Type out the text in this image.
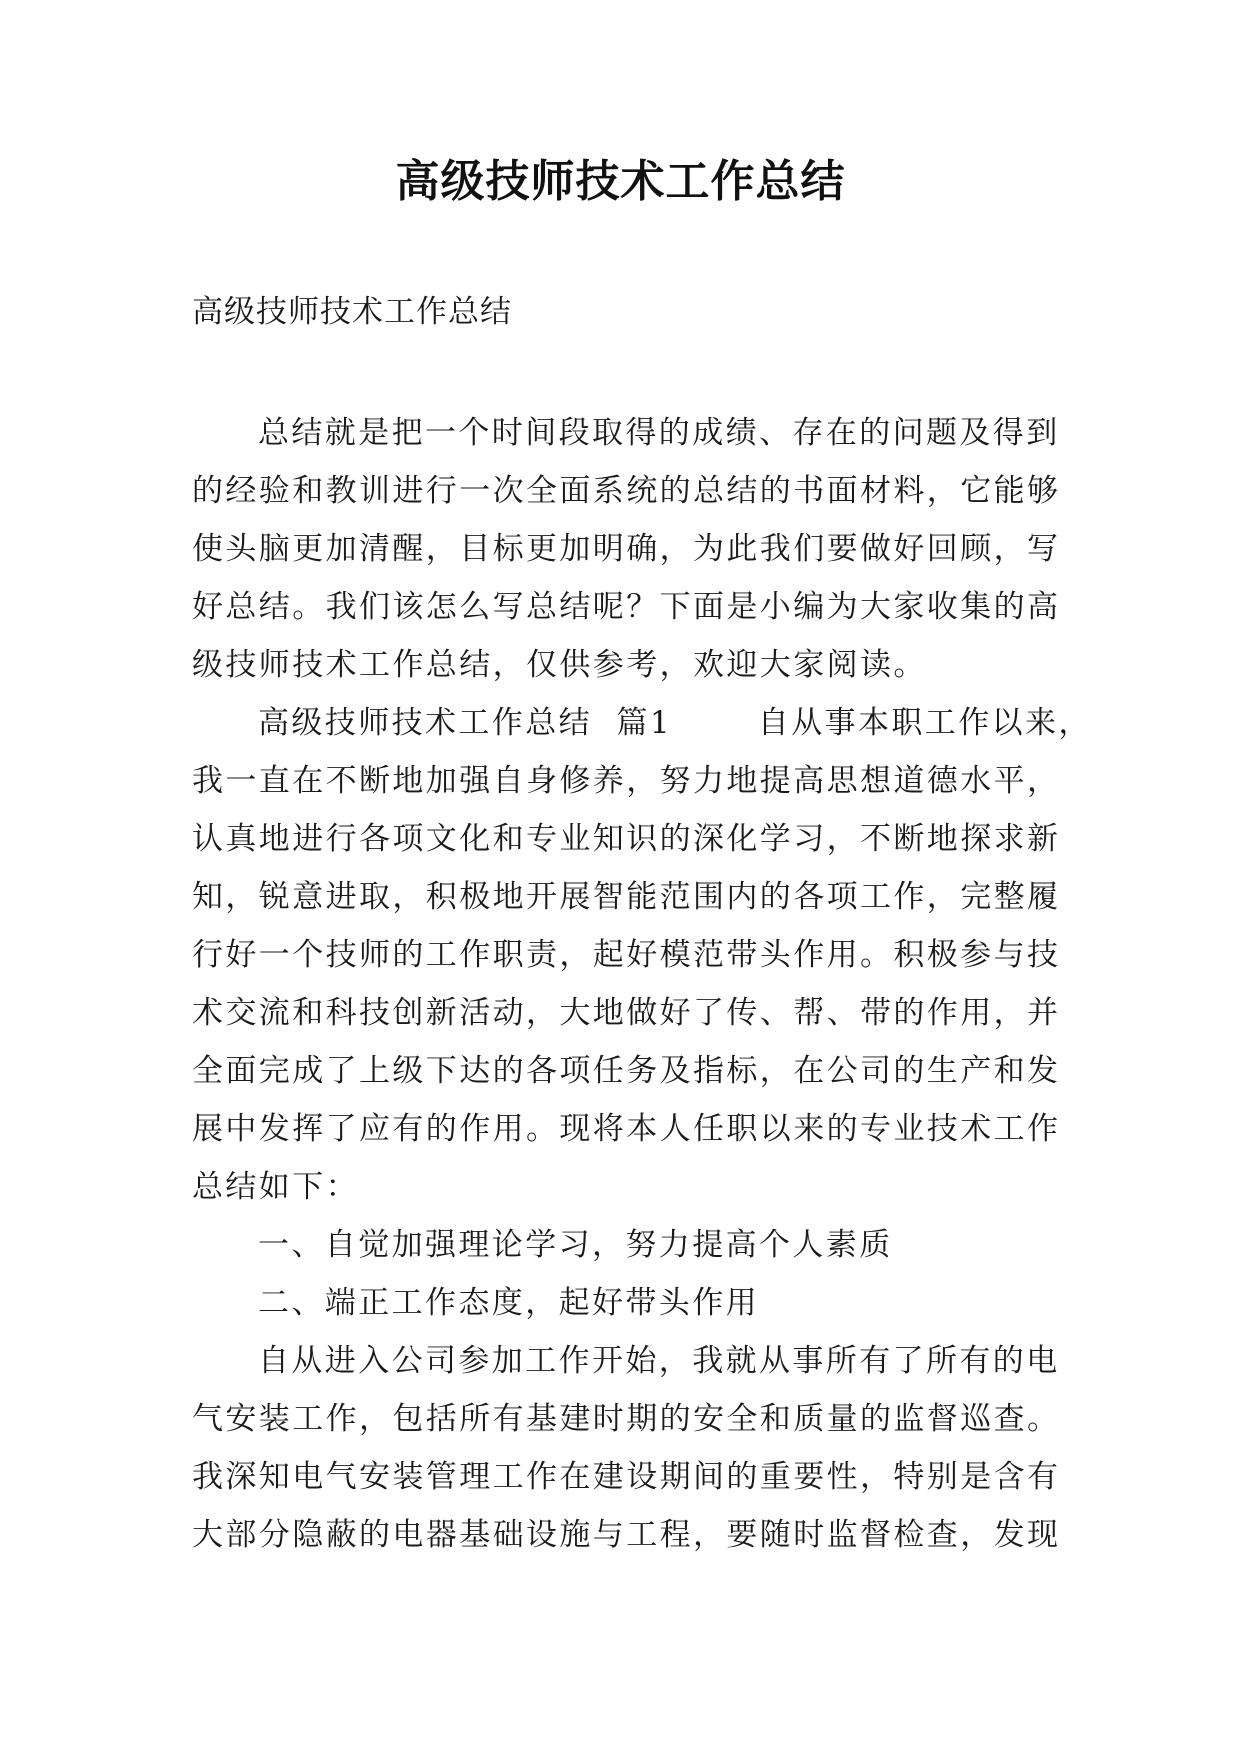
高级技师技术工作总结
高级技师技术工作总结
总结就是把一个时间段取得的成绩、存在的问题及得到
的经验和教训进行一次全面系统的总结的书面材料，它能够
使头脑更加清醒，目标更加明确，为此我们要做好回顾，写
好总结。我们该怎么写总结呢？下面是小编为大家收集的高
级技师技术工作总结，仅供参考，欢迎大家阅读。
高级技师技术工作总结  篇1       自从事本职工作以来，
我一直在不断地加强自身修养，努力地提高思想道德水平，
认真地进行各项文化和专业知识的深化学习，不断地探求新
知，锐意进取，积极地开展智能范围内的各项工作，完整履
行好一个技师的工作职责，起好模范带头作用。积极参与技
术交流和科技创新活动，大地做好了传、帮、带的作用，并
全面完成了上级下达的各项任务及指标，在公司的生产和发
展中发挥了应有的作用。现将本人任职以来的专业技术工作
总结如下：
一、自觉加强理论学习，努力提高个人素质
二、端正工作态度，起好带头作用
自从进入公司参加工作开始，我就从事所有了所有的电
气安装工作，包括所有基建时期的安全和质量的监督巡查。
我深知电气安装管理工作在建设期间的重要性，特别是含有
大部分隐蔽的电器基础设施与工程，要随时监督检查，发现
